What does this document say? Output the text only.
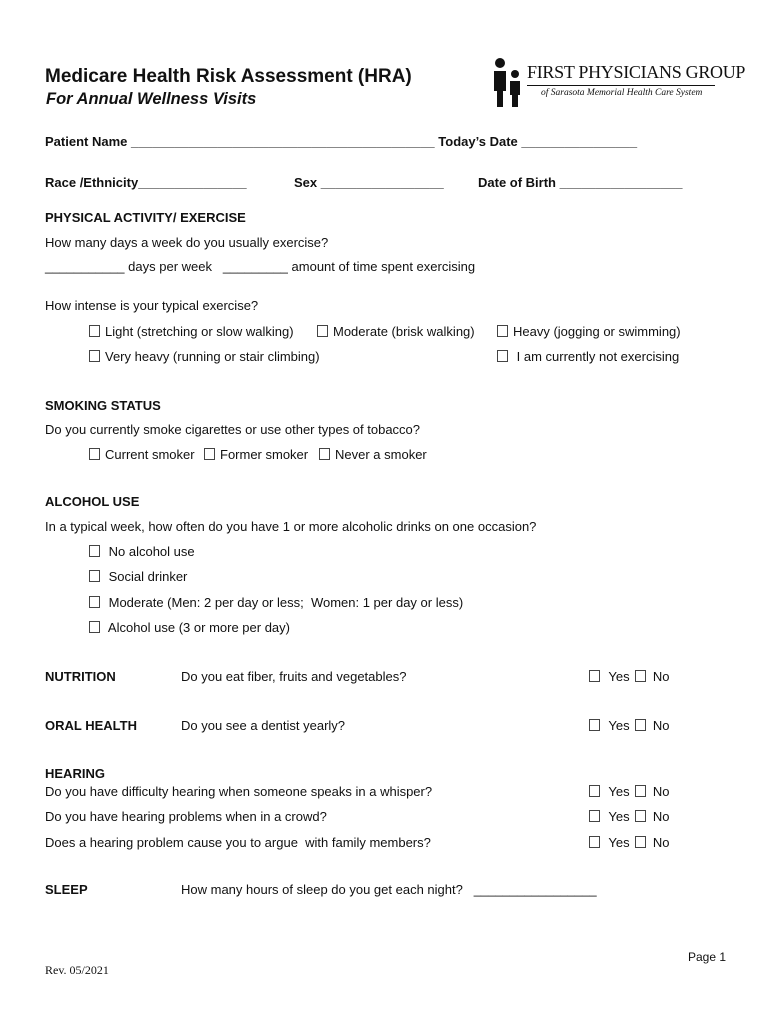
Medicare Health Risk Assessment (HRA)
For Annual Wellness Visits
FIRST PHYSICIANS GROUP
of Sarasota Memorial Health Care System
Patient Name __________________________________________ Today’s Date ________________
Race /Ethnicity_______________	Sex _________________	Date of Birth _________________
PHYSICAL ACTIVITY/ EXERCISE
How many days a week do you usually exercise?
___________ days per week _________ amount of time spent exercising
How intense is your typical exercise?
Light (stretching or slow walking)	Moderate (brisk walking)	Heavy (jogging or swimming)
Very heavy (running or stair climbing)	I am currently not exercising
SMOKING STATUS
Do you currently smoke cigarettes or use other types of tobacco?
Current smoker	Former smoker	Never a smoker
ALCOHOL USE
In a typical week, how often do you have 1 or more alcoholic drinks on one occasion?
No alcohol use
Social drinker
Moderate (Men: 2 per day or less;  Women: 1 per day or less)
Alcohol use (3 or more per day)
NUTRITION	Do you eat fiber, fruits and vegetables?	Yes No
ORAL HEALTH	Do you see a dentist yearly?	Yes No
HEARING
Do you have difficulty hearing when someone speaks in a whisper?	Yes No
Do you have hearing problems when in a crowd?	Yes No
Does a hearing problem cause you to argue  with family members?	Yes No
SLEEP	How many hours of sleep do you get each night? _________________
Page 1
Rev. 05/2021
